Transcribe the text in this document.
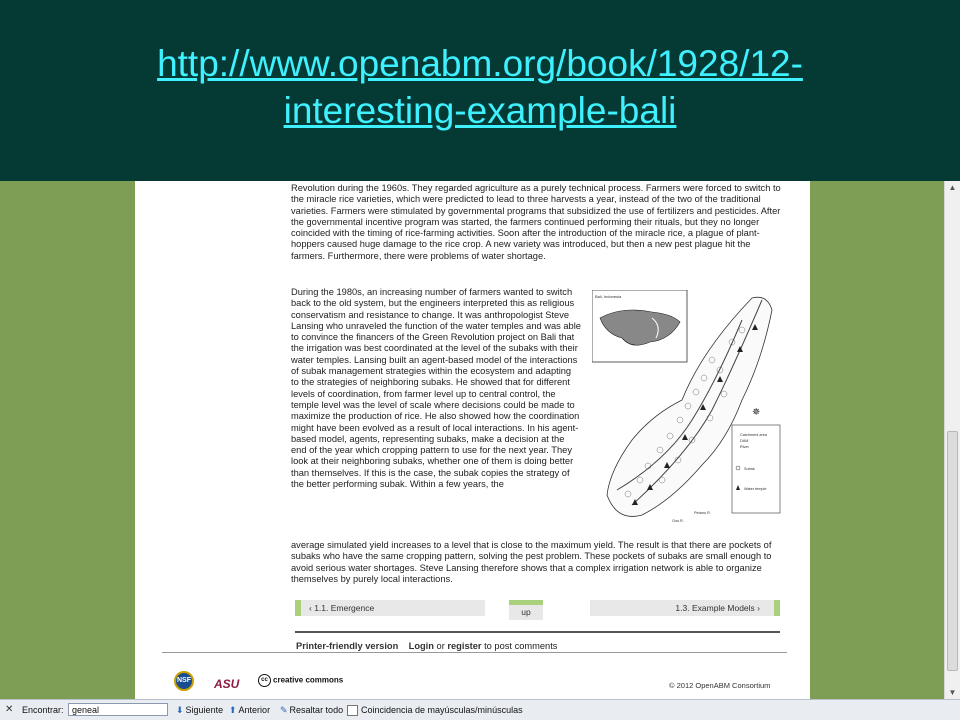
http://www.openabm.org/book/1928/12-interesting-example-bali
Revolution during the 1960s. They regarded agriculture as a purely technical process. Farmers were forced to switch to the miracle rice varieties, which were predicted to lead to three harvests a year, instead of the two of the traditional varieties. Farmers were stimulated by governmental programs that subsidized the use of fertilizers and pesticides. After the governmental incentive program was started, the farmers continued performing their rituals, but they no longer coincided with the timing of rice-farming activities. Soon after the introduction of the miracle rice, a plague of plant-hoppers caused huge damage to the rice crop. A new variety was introduced, but then a new pest plague hit the farmers. Furthermore, there were problems of water shortage.
During the 1980s, an increasing number of farmers wanted to switch back to the old system, but the engineers interpreted this as religious conservatism and resistance to change. It was anthropologist Steve Lansing who unraveled the function of the water temples and was able to convince the financers of the Green Revolution project on Bali that the irrigation was best coordinated at the level of the subaks with their water temples. Lansing built an agent-based model of the interactions of subak management strategies within the ecosystem and adapting to the strategies of neighboring subaks. He showed that for different levels of coordination, from farmer level up to central control, the temple level was the level of scale where decisions could be made to maximize the production of rice. He also showed how the coordination might have been evolved as a result of local interactions. In his agent-based model, agents, representing subaks, make a decision at the end of the year which cropping pattern to use for the next year. They look at their neighboring subaks, whether one of them is doing better than themselves. If this is the case, the subak copies the strategy of the better performing subak. Within a few years, the
Bali, Indonesia
✵
Catchment area
DAM
River
Subak
Water temple
Petanu R.
Oos R.
average simulated yield increases to a level that is close to the maximum yield. The result is that there are pockets of subaks who have the same cropping pattern, solving the pest problem. These pockets of subaks are small enough to avoid serious water shortages. Steve Lansing therefore shows that a complex irrigation network is able to organize themselves by purely local interactions.
‹ 1.1. Emergence	up	1.3. Example Models ›
Printer-friendly version Login or register to post comments
NSF ASU	cc creative commons
© 2012 OpenABM Consortium
▲
▼
✕ Encontrar: geneal	⬇ Siguiente ⬆ Anterior ✎ Resaltar todo Coincidencia de mayúsculas/minúsculas
